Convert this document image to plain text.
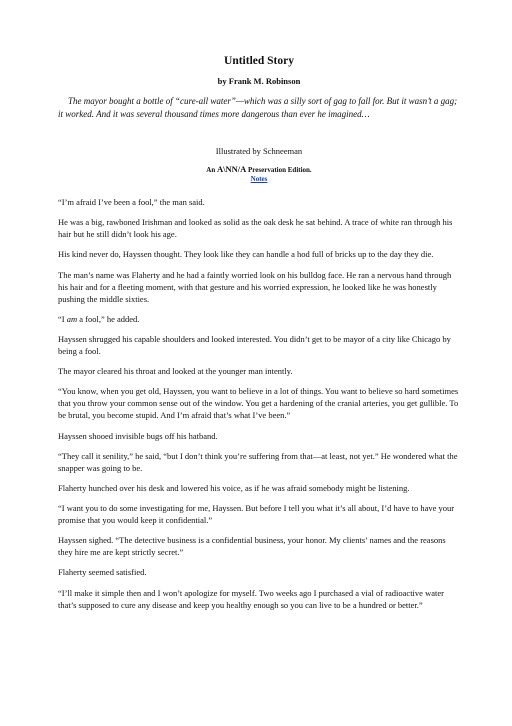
Untitled Story
by Frank M. Robinson

The mayor bought a bottle of “cure-all water”—which was a silly sort of gag to fall for. But it wasn’t a gag; it worked. And it was several thousand times more dangerous than ever he imagined…

Illustrated by Schneeman
An A\NN/A Preservation Edition.
Notes

“I’m afraid I’ve been a fool,” the man said.

He was a big, rawboned Irishman and looked as solid as the oak desk he sat behind. A trace of white ran through his hair but he still didn’t look his age.

His kind never do, Hayssen thought. They look like they can handle a hod full of bricks up to the day they die.

The man’s name was Flaherty and he had a faintly worried look on his bulldog face. He ran a nervous hand through his hair and for a fleeting moment, with that gesture and his worried expression, he looked like he was honestly pushing the middle sixties.

“I am a fool,” he added.

Hayssen shrugged his capable shoulders and looked interested. You didn’t get to be mayor of a city like Chicago by being a fool.

The mayor cleared his throat and looked at the younger man intently.

“You know, when you get old, Hayssen, you want to believe in a lot of things. You want to believe so hard sometimes that you throw your common sense out of the window. You get a hardening of the cranial arteries, you get gullible. To be brutal, you become stupid. And I’m afraid that’s what I’ve been.”

Hayssen shooed invisible bugs off his hatband.

“They call it senility,” he said, “but I don’t think you’re suffering from that—at least, not yet.” He wondered what the snapper was going to be.

Flaherty hunched over his desk and lowered his voice, as if he was afraid somebody might be listening.

“I want you to do some investigating for me, Hayssen. But before I tell you what it’s all about, I’d have to have your promise that you would keep it confidential.”

Hayssen sighed. “The detective business is a confidential business, your honor. My clients’ names and the reasons they hire me are kept strictly secret.”

Flaherty seemed satisfied.

“I’ll make it simple then and I won’t apologize for myself. Two weeks ago I purchased a vial of radioactive water that’s supposed to cure any disease and keep you healthy enough so you can live to be a hundred or better.”
